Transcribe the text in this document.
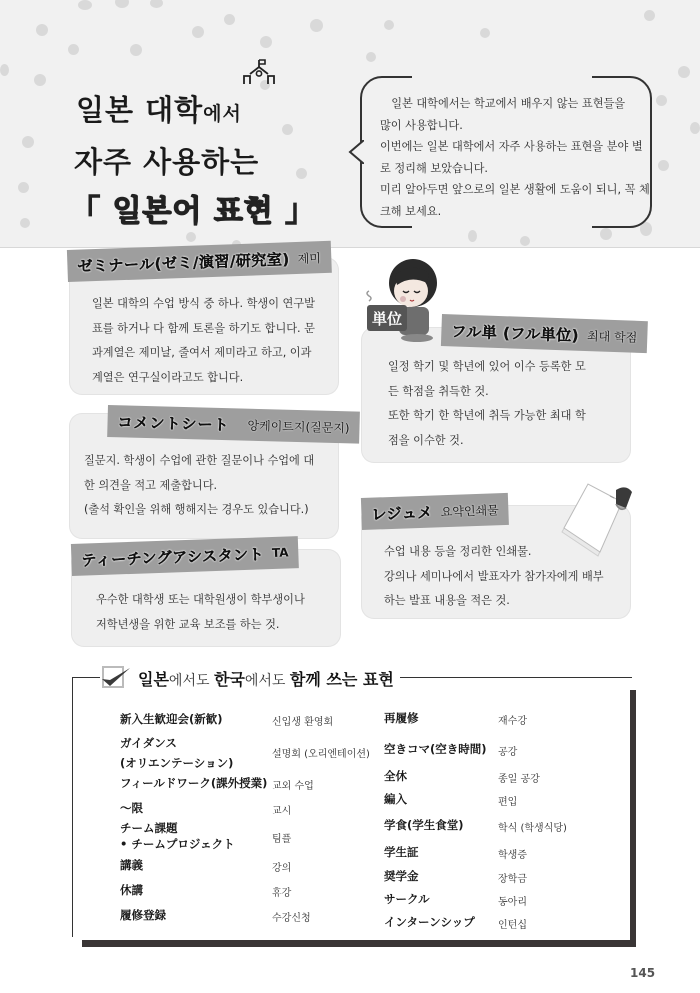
일본 대학에서
자주 사용하는
「 일본어 표현 」

　일본 대학에서는 학교에서 배우지 않는 표현들을

많이 사용합니다.

이번에는 일본 대학에서 자주 사용하는 표현을 분야 별

로 정리해 보았습니다.

미리 알아두면 앞으로의 일본 생활에 도움이 되니, 꼭 체

크해 보세요.

ゼミナール(ゼミ/演習/研究室) 제미

일본 대학의 수업 방식 중 하나. 학생이 연구발

표를 하거나 다 함께 토론을 하기도 합니다. 문

과계열은 제미날, 줄여서 제미라고 하고, 이과

계열은 연구실이라고도 합니다.

フル単 (フル単位) 최대 학점

일정 학기 및 학년에 있어 이수 등록한 모

든 학점을 취득한 것.

또한 학기 한 학년에 취득 가능한 최대 학

점을 이수한 것.

単位
コメントシート 앙케이트지(질문지)

질문지. 학생이 수업에 관한 질문이나 수업에 대

한 의견을 적고 제출합니다.

(출석 확인을 위해 행해지는 경우도 있습니다.)	レジュメ 요약인쇄물

수업 내용 등을 정리한 인쇄물.

강의나 세미나에서 발표자가 참가자에게 배부

하는 발표 내용을 적은 것.

ティーチングアシスタント TA

우수한 대학생 또는 대학원생이 학부생이나

저학년생을 위한 교육 보조를 하는 것.

일본에서도 한국에서도 함께 쓰는 표현
新入生歓迎会(新歓)	신입생 환영회
ガイダンス
(オリエンテーション)
설명회 (오리엔테이션)
フィールドワーク(課外授業) 교외 수업
～限	교시
チーム課題
• チームプロジェクト	팀플
講義	강의
休講	휴강
履修登録	수강신청
再履修	재수강
空きコマ(空き時間) 공강
全休	종일 공강
編入	편입
学食(学生食堂)	학식 (학생식당)
学生証	학생증
奨学金	장학금
サークル	동아리
インターンシップ 인턴십
145
